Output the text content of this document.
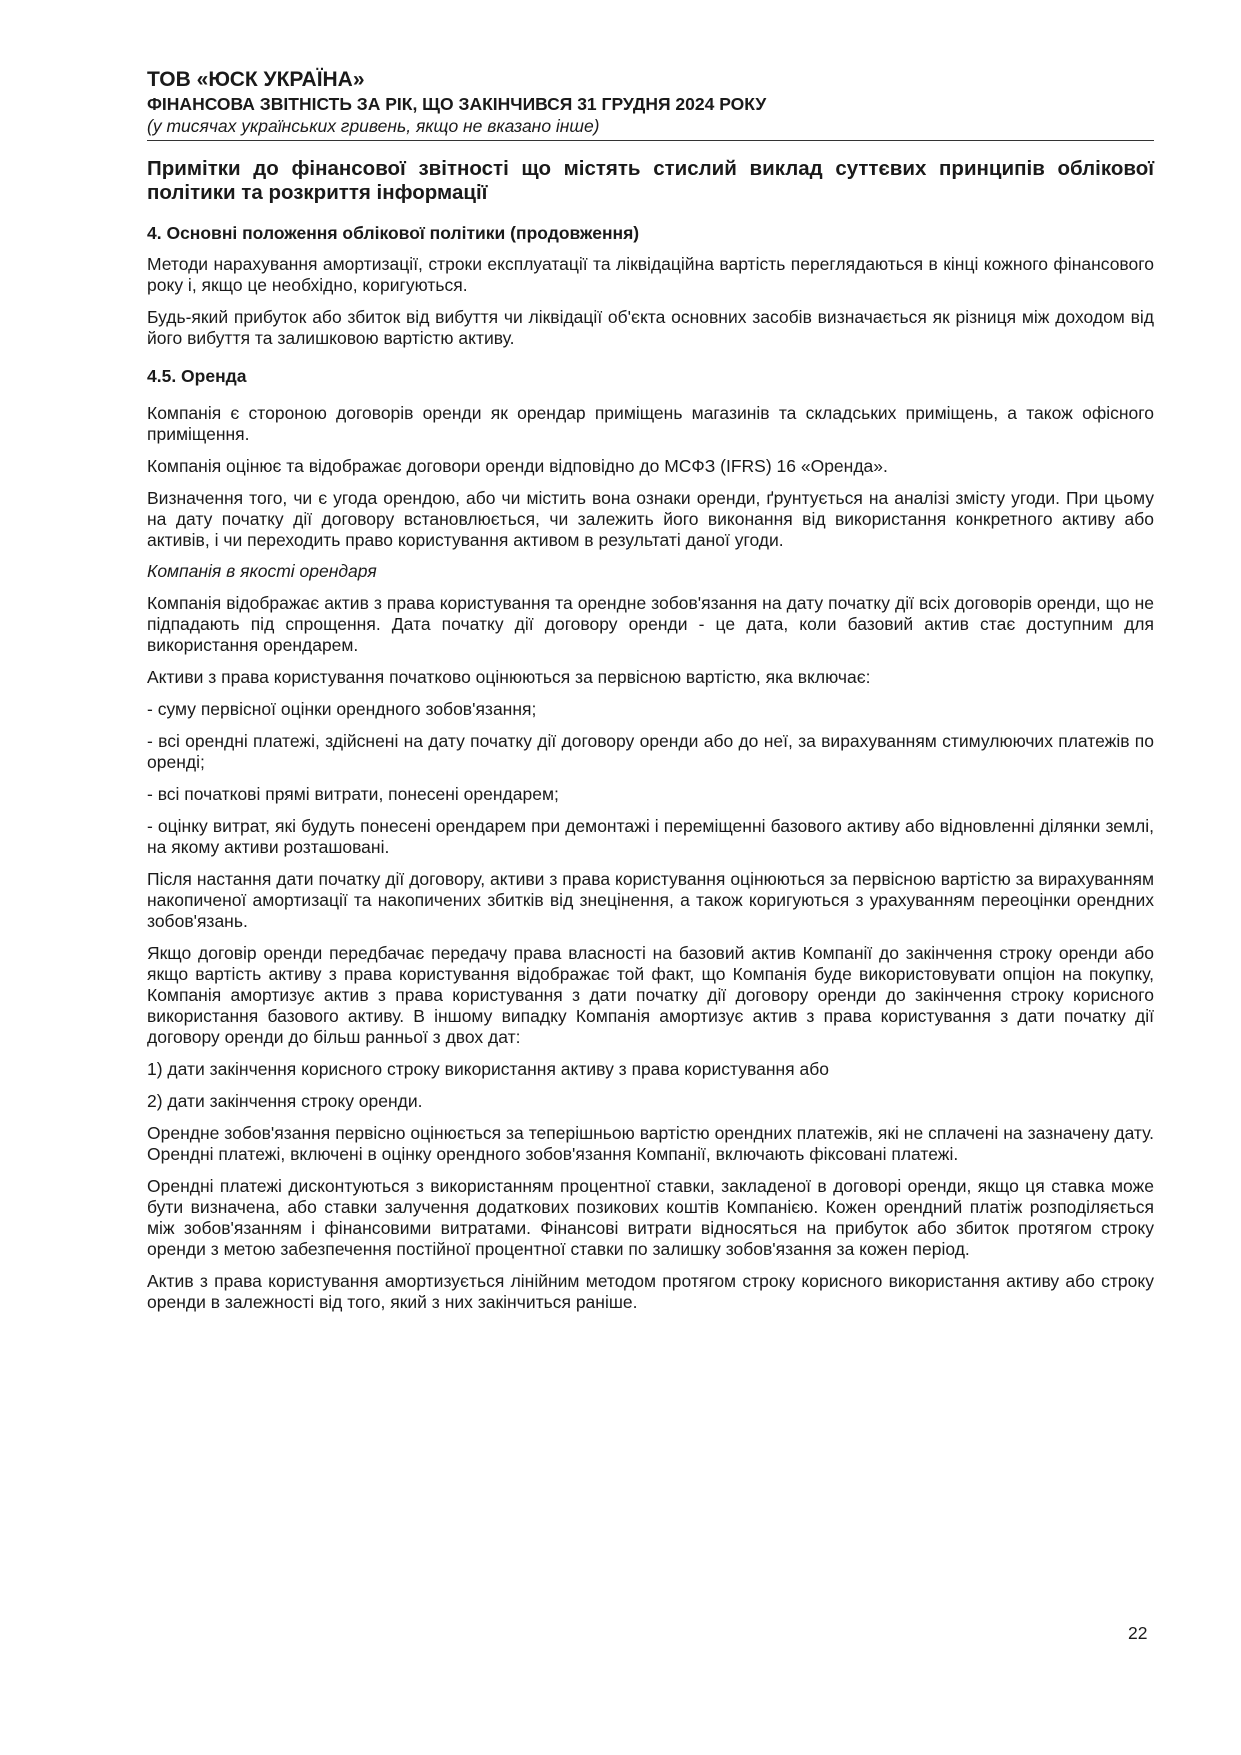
ТОВ «ЮСК УКРАЇНА»
ФІНАНСОВА ЗВІТНІСТЬ ЗА РІК, ЩО ЗАКІНЧИВСЯ 31 ГРУДНЯ 2024 РОКУ
(у тисячах українських гривень, якщо не вказано інше)
Примітки до фінансової звітності що містять стислий виклад суттєвих принципів облікової політики та розкриття інформації
4. Основні положення облікової політики (продовження)

Методи нарахування амортизації, строки експлуатації та ліквідаційна вартість переглядаються в кінці кожного фінансового року і, якщо це необхідно, коригуються.

Будь-який прибуток або збиток від вибуття чи ліквідації об'єкта основних засобів визначається як різниця між доходом від його вибуття та залишковою вартістю активу.

4.5. Оренда

Компанія є стороною договорів оренди як орендар приміщень магазинів та складських приміщень, а також офісного приміщення.

Компанія оцінює та відображає договори оренди відповідно до МСФЗ (IFRS) 16 «Оренда».

Визначення того, чи є угода орендою, або чи містить вона ознаки оренди, ґрунтується на аналізі змісту угоди. При цьому на дату початку дії договору встановлюється, чи залежить його виконання від використання конкретного активу або активів, і чи переходить право користування активом в результаті даної угоди.

Компанія в якості орендаря

Компанія відображає актив з права користування та орендне зобов'язання на дату початку дії всіх договорів оренди, що не підпадають під спрощення. Дата початку дії договору оренди - це дата, коли базовий актив стає доступним для використання орендарем.

Активи з права користування початково оцінюються за первісною вартістю, яка включає:

- суму первісної оцінки орендного зобов'язання;

- всі орендні платежі, здійснені на дату початку дії договору оренди або до неї, за вирахуванням стимулюючих платежів по оренді;

- всі початкові прямі витрати, понесені орендарем;

- оцінку витрат, які будуть понесені орендарем при демонтажі і переміщенні базового активу або відновленні ділянки землі, на якому активи розташовані.

Після настання дати початку дії договору, активи з права користування оцінюються за первісною вартістю за вирахуванням накопиченої амортизації та накопичених збитків від знецінення, а також коригуються з урахуванням переоцінки орендних зобов'язань.

Якщо договір оренди передбачає передачу права власності на базовий актив Компанії до закінчення строку оренди або якщо вартість активу з права користування відображає той факт, що Компанія буде використовувати опціон на покупку, Компанія амортизує актив з права користування з дати початку дії договору оренди до закінчення строку корисного використання базового активу. В іншому випадку Компанія амортизує актив з права користування з дати початку дії договору оренди до більш ранньої з двох дат:

1) дати закінчення корисного строку використання активу з права користування або

2) дати закінчення строку оренди.

Орендне зобов'язання первісно оцінюється за теперішньою вартістю орендних платежів, які не сплачені на зазначену дату. Орендні платежі, включені в оцінку орендного зобов'язання Компанії, включають фіксовані платежі.

Орендні платежі дисконтуються з використанням процентної ставки, закладеної в договорі оренди, якщо ця ставка може бути визначена, або ставки залучення додаткових позикових коштів Компанією. Кожен орендний платіж розподіляється між зобов'язанням і фінансовими витратами. Фінансові витрати відносяться на прибуток або збиток протягом строку оренди з метою забезпечення постійної процентної ставки по залишку зобов'язання за кожен період.

Актив з права користування амортизується лінійним методом протягом строку корисного використання активу або строку оренди в залежності від того, який з них закінчиться раніше.

22
